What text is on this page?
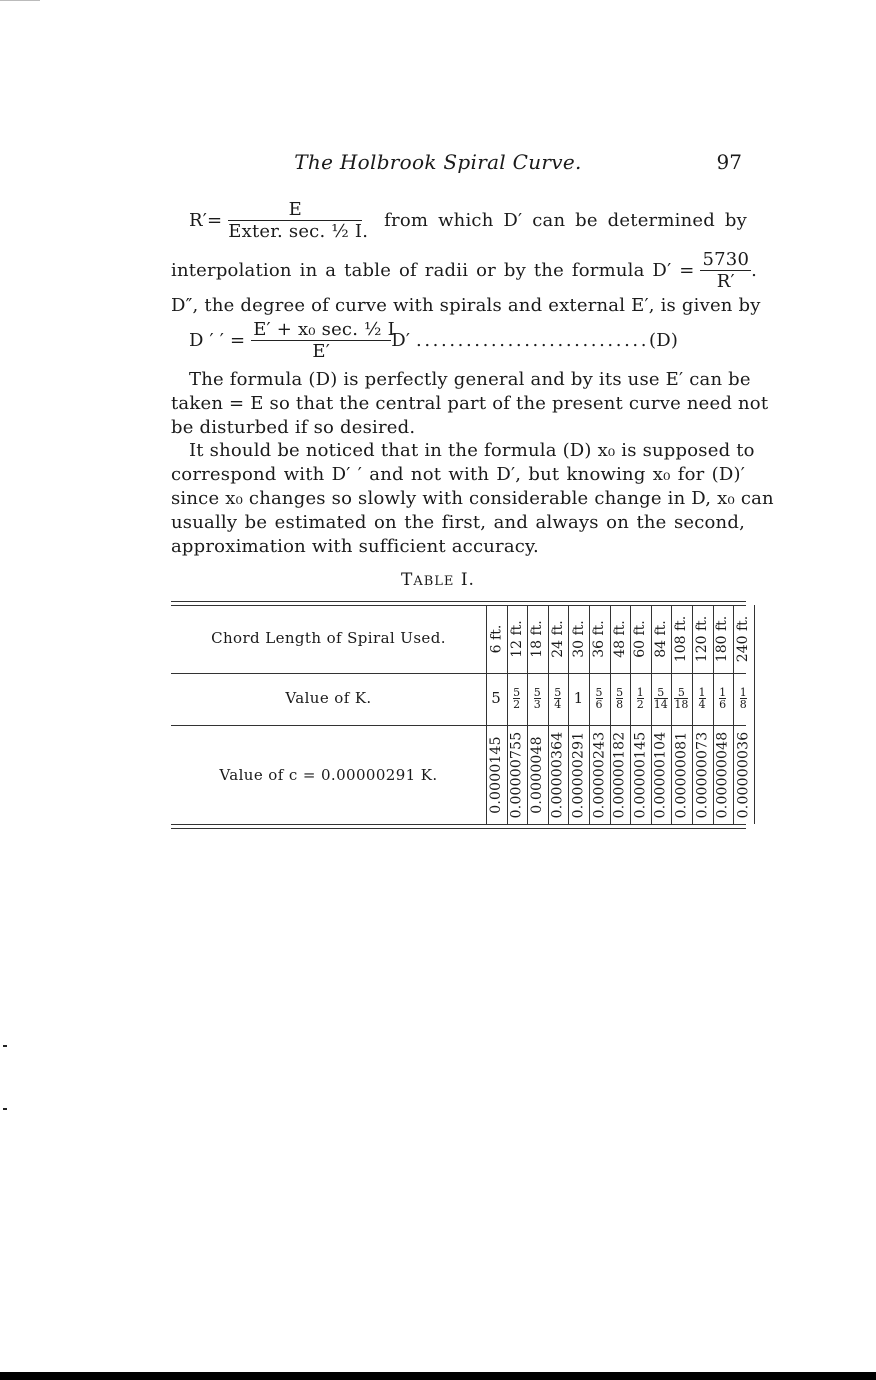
The Holbrook Spiral Curve.	97
$R'= \frac{E}{\text{Exter. sec. ½ I.}}$ from which D′ can be determined by
interpolation in a table of radii or by the formula $D' = \frac{5730}{R'}$ .
D″, the degree of curve with spirals and external E′, is given by
D ′ ′ = $\frac{\text{E′ + x₀ sec. ½ I}}{E'} D'$ ............................(D)
The formula (D) is perfectly general and by its use E′ can be
taken = E so that the central part of the present curve need not
be disturbed if so desired.
It should be noticed that in the formula (D) x₀ is supposed to
correspond with D′ ′ and not with D′, but knowing x₀ for (D)′
since x₀ changes so slowly with considerable change in D, x₀ can
usually be estimated on the first, and always on the second,
approximation with sufficient accuracy.
TABLE I.
Chord Length of Spiral Used.
Value of K.
Value of c = 0.00000291 K.
6 ft.
5
0.0000145
12 ft.
$\frac{5}{2}$
0.00000755
18 ft.
$\frac{5}{3}$
0.0000048
24 ft.
$\frac{5}{4}$
0.00000364
30 ft.
1
0.00000291
36 ft.
$\frac{5}{6}$
0.00000243
48 ft.
$\frac{5}{8}$
0.00000182
60 ft.
$\frac{1}{2}$
0.00000145
84 ft.
$\frac{5}{14}$
0.00000104
108 ft.
$\frac{5}{18}$
0.00000081
120 ft.
$\frac{1}{4}$
0.00000073
180 ft.
$\frac{1}{6}$
0.00000048
240 ft.
$\frac{1}{8}$
0.00000036
